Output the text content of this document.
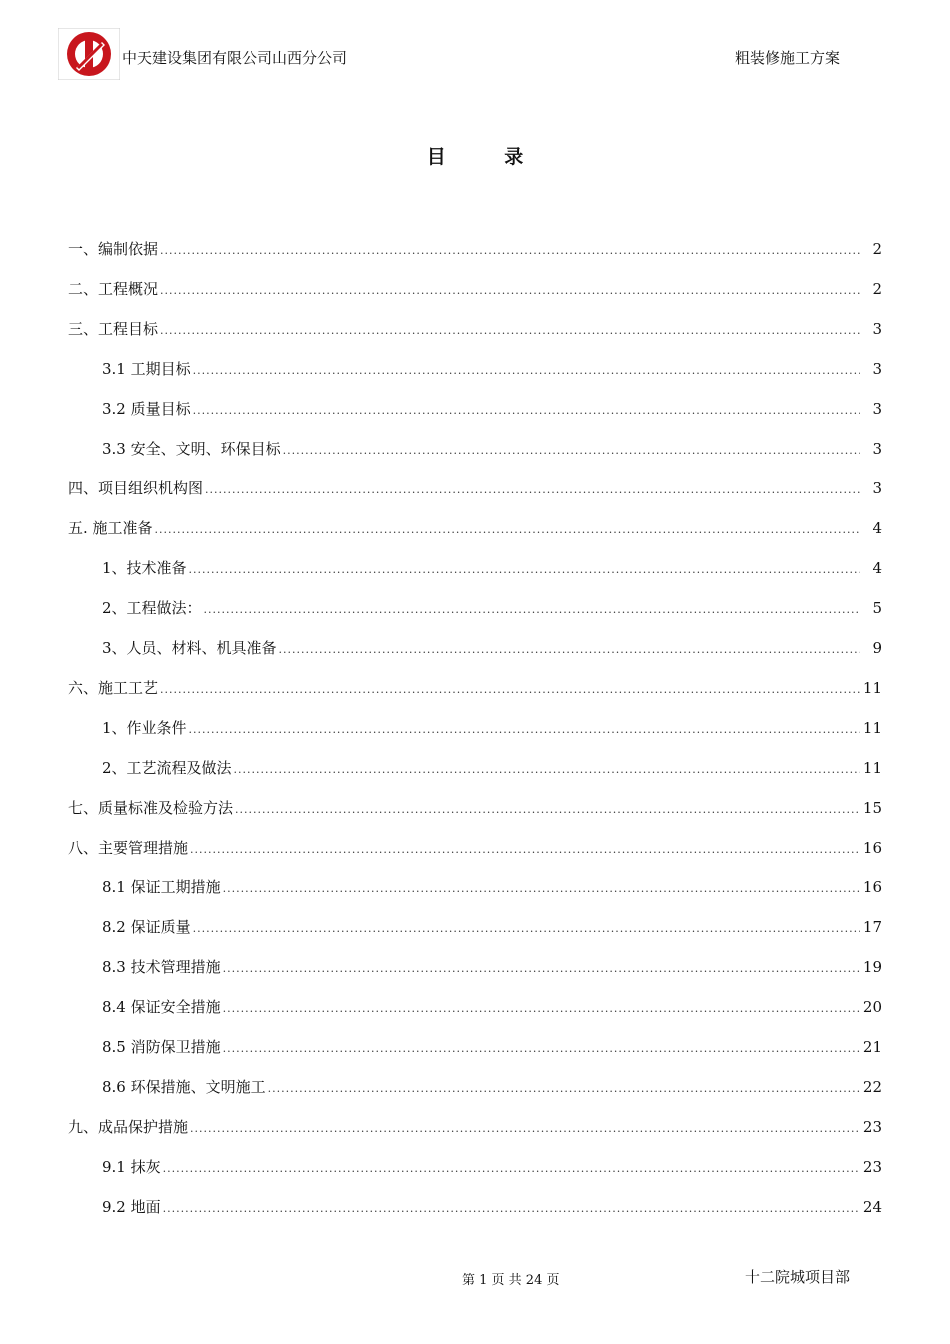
中天建设集团有限公司山西分公司	粗装修施工方案
目 录
一、编制依据 .....	2
二、工程概况 .....	2
三、工程目标 .....	3
3.1 工期目标 .....	3
3.2 质量目标 .....	3
3.3 安全、文明、环保目标 .....	3
四、项目组织机构图 .....	3
五. 施工准备 .....	4
1、技术准备 .....	4
2、工程做法： .....	5
3、人员、材料、机具准备 .....	9
六、施工工艺 .....	11
1、作业条件 .....	11
2、工艺流程及做法 .....	11
七、质量标准及检验方法 .....	15
八、主要管理措施 .....	16
8.1 保证工期措施 .....	16
8.2 保证质量 .....	17
8.3 技术管理措施 .....	19
8.4 保证安全措施 .....	20
8.5 消防保卫措施 .....	21
8.6 环保措施、文明施工 .....	22
九、成品保护措施 .....	23
9.1 抹灰 .....	23
9.2 地面 .....	24
第 1 页 共 24 页	十二院城项目部
